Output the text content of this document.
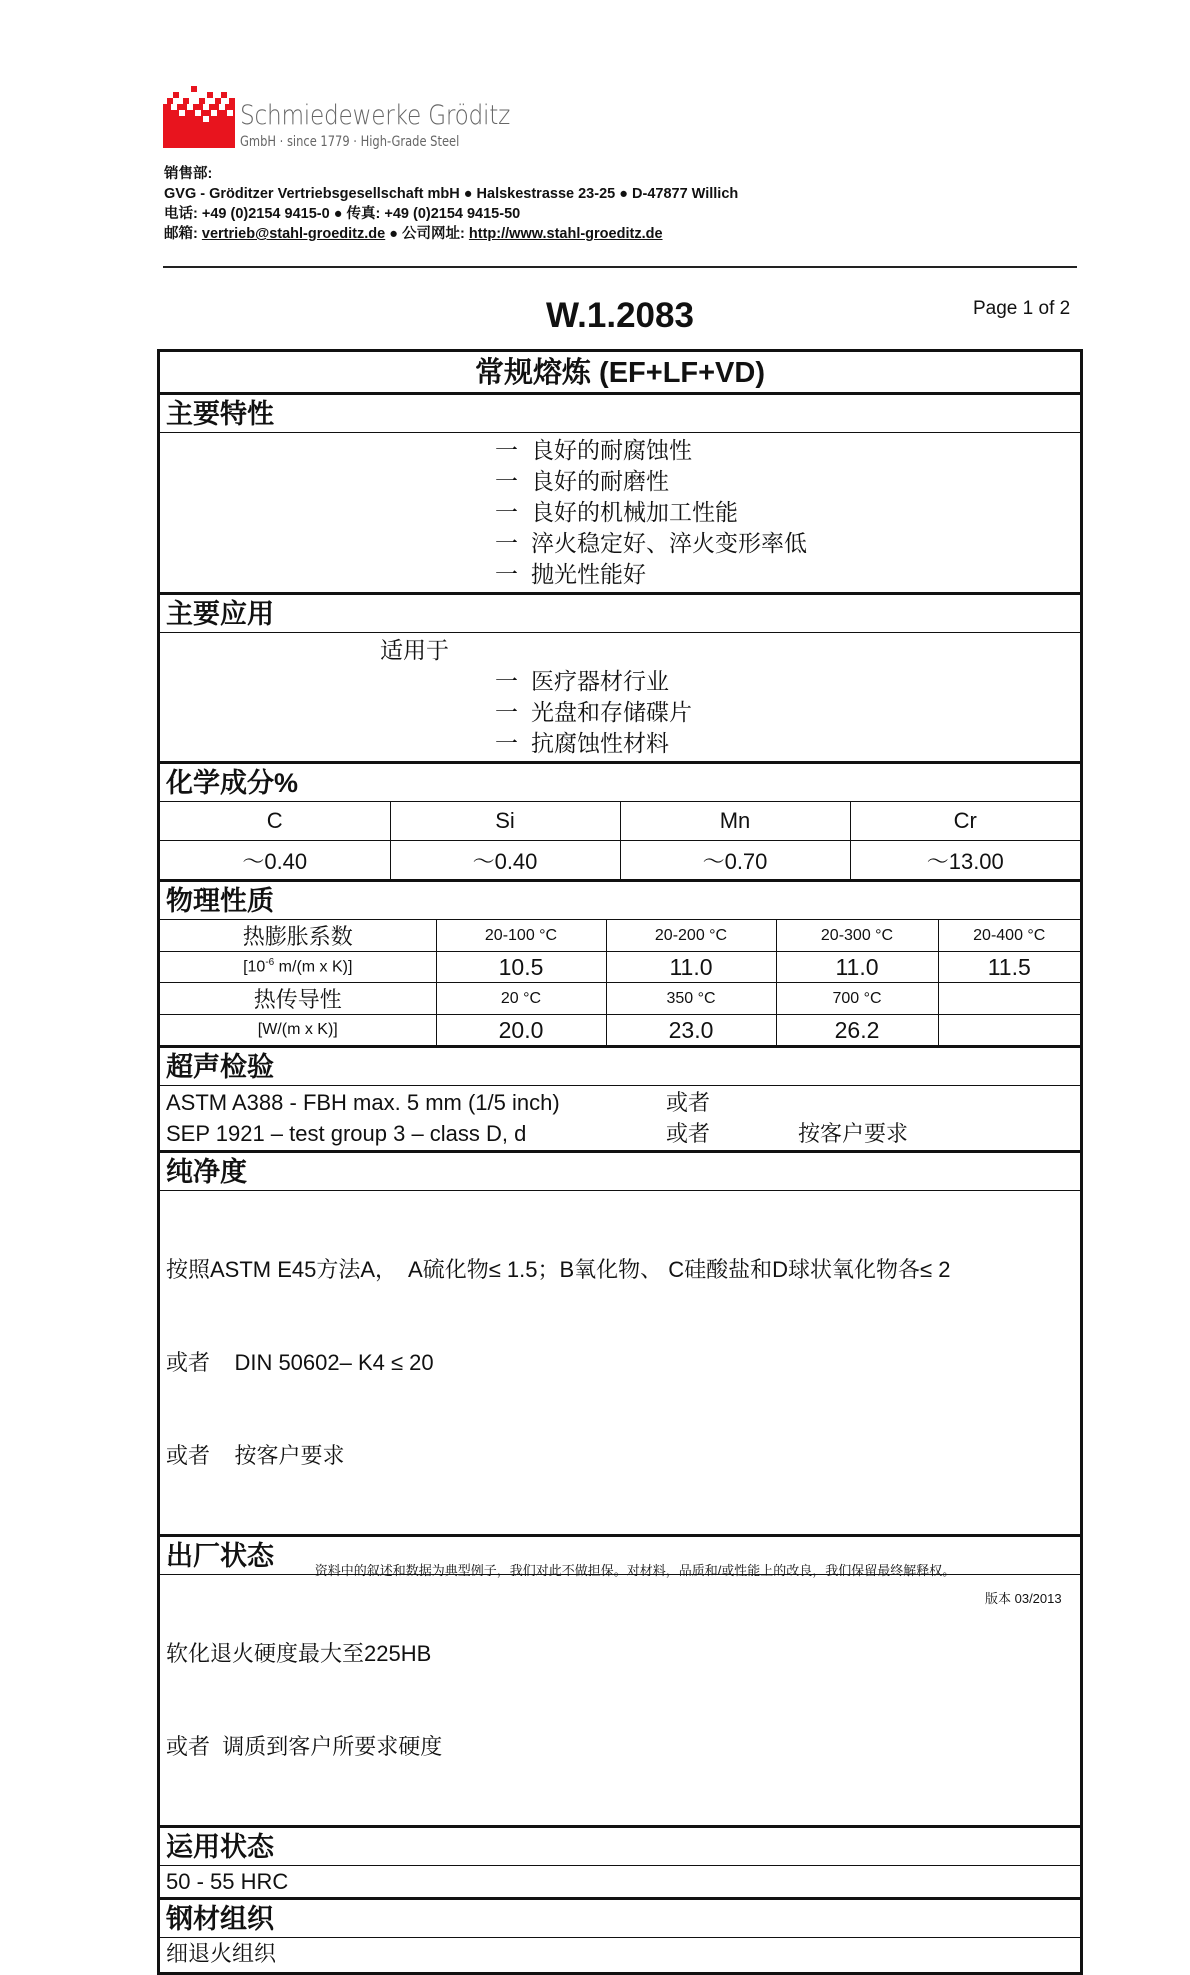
Schmiedewerke Gröditz
GmbH · since 1779 · High-Grade Steel
销售部:
GVG - Gröditzer Vertriebsgesellschaft mbH ● Halskestrasse 23-25 ● D-47877 Willich
电话: +49 (0)2154 9415-0 ● 传真: +49 (0)2154 9415-50
邮箱: vertrieb@stahl-groeditz.de ● 公司网址: http://www.stahl-groeditz.de
W.1.2083	Page 1 of 2
常规熔炼 (EF+LF+VD)
主要特性
一 良好的耐腐蚀性
一 良好的耐磨性
一 良好的机械加工性能
一 淬火稳定好、淬火变形率低
一 抛光性能好
主要应用
适用于
一 医疗器材行业
一 光盘和存储碟片
一 抗腐蚀性材料
化学成分%
C	Si	Mn	Cr
～0.40	～0.40	～0.70	～13.00
物理性质
热膨胀系数	20-100 °C	20-200 °C	20-300 °C	20-400 °C
[$10^{-6}$ m/(m x K)]	10.5	11.0	11.0	11.5
热传导性	20 °C	350 °C	700 °C	
[W/(m x K)]	20.0	23.0	26.2	
超声检验
ASTM A388 - FBH max. 5 mm (1/5 inch)	或者
SEP 1921 – test group 3 – class D, d	或者	按客户要求
纯净度

按照ASTM E45方法A，  A硫化物≤ 1.5；B氧化物、 C硅酸盐和D球状氧化物各≤ 2

或者    DIN 50602– K4 ≤ 20

或者    按客户要求

出厂状态

软化退火硬度最大至225HB

或者  调质到客户所要求硬度

运用状态
50 - 55 HRC
钢材组织
细退火组织
资料中的叙述和数据为典型例子，我们对此不做担保。对材料，品质和/或性能上的改良，我们保留最终解释权。
版本 03/2013
